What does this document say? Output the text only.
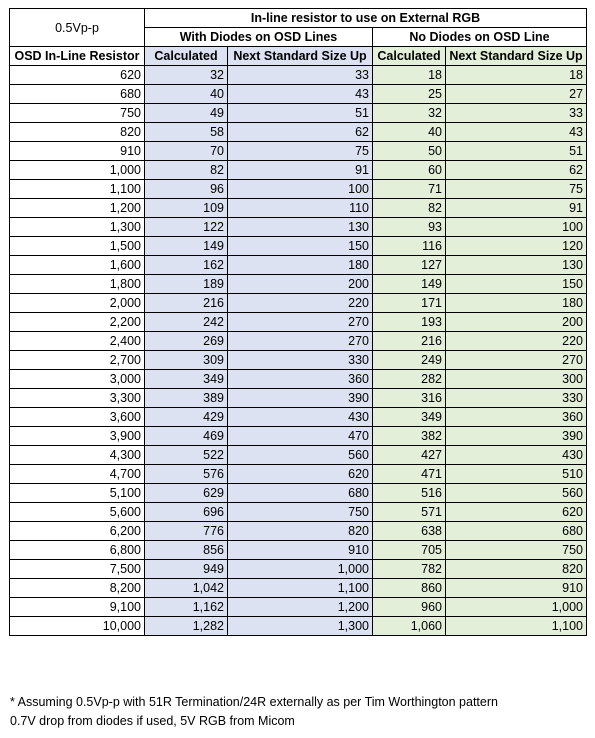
0.5Vp-p	In-line resistor to use on External RGB			
	With Diodes on OSD Lines		No Diodes on OSD Line	
OSD In-Line Resistor	Calculated	Next Standard Size Up	Calculated	Next Standard Size Up
620	32	33	18	18
680	40	43	25	27
750	49	51	32	33
820	58	62	40	43
910	70	75	50	51
1,000	82	91	60	62
1,100	96	100	71	75
1,200	109	110	82	91
1,300	122	130	93	100
1,500	149	150	116	120
1,600	162	180	127	130
1,800	189	200	149	150
2,000	216	220	171	180
2,200	242	270	193	200
2,400	269	270	216	220
2,700	309	330	249	270
3,000	349	360	282	300
3,300	389	390	316	330
3,600	429	430	349	360
3,900	469	470	382	390
4,300	522	560	427	430
4,700	576	620	471	510
5,100	629	680	516	560
5,600	696	750	571	620
6,200	776	820	638	680
6,800	856	910	705	750
7,500	949	1,000	782	820
8,200	1,042	1,100	860	910
9,100	1,162	1,200	960	1,000
10,000	1,282	1,300	1,060	1,100
* Assuming 0.5Vp-p with 51R Termination/24R externally as per Tim Worthington pattern
0.7V drop from diodes if used, 5V RGB from Micom
